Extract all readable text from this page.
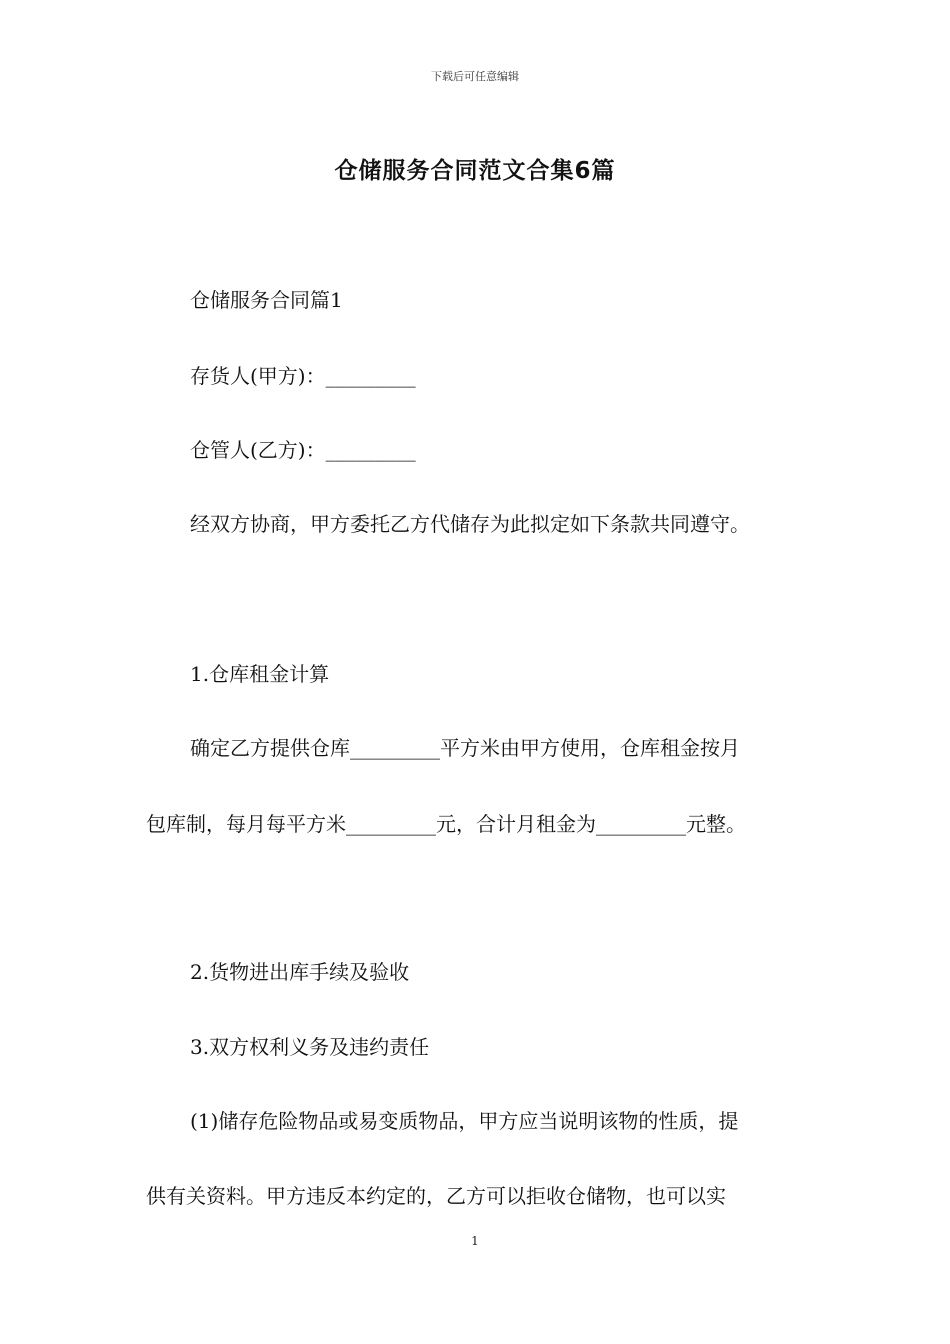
下载后可任意编辑
仓储服务合同范文合集6篇
仓储服务合同篇1
存货人(甲方)：_________
仓管人(乙方)：_________
经双方协商，甲方委托乙方代储存为此拟定如下条款共同遵守。
1.仓库租金计算
确定乙方提供仓库_________平方米由甲方使用，仓库租金按月
包库制，每月每平方米_________元，合计月租金为_________元整。
2.货物进出库手续及验收
3.双方权利义务及违约责任
(1)储存危险物品或易变质物品，甲方应当说明该物的性质，提
供有关资料。甲方违反本约定的，乙方可以拒收仓储物，也可以实
1
